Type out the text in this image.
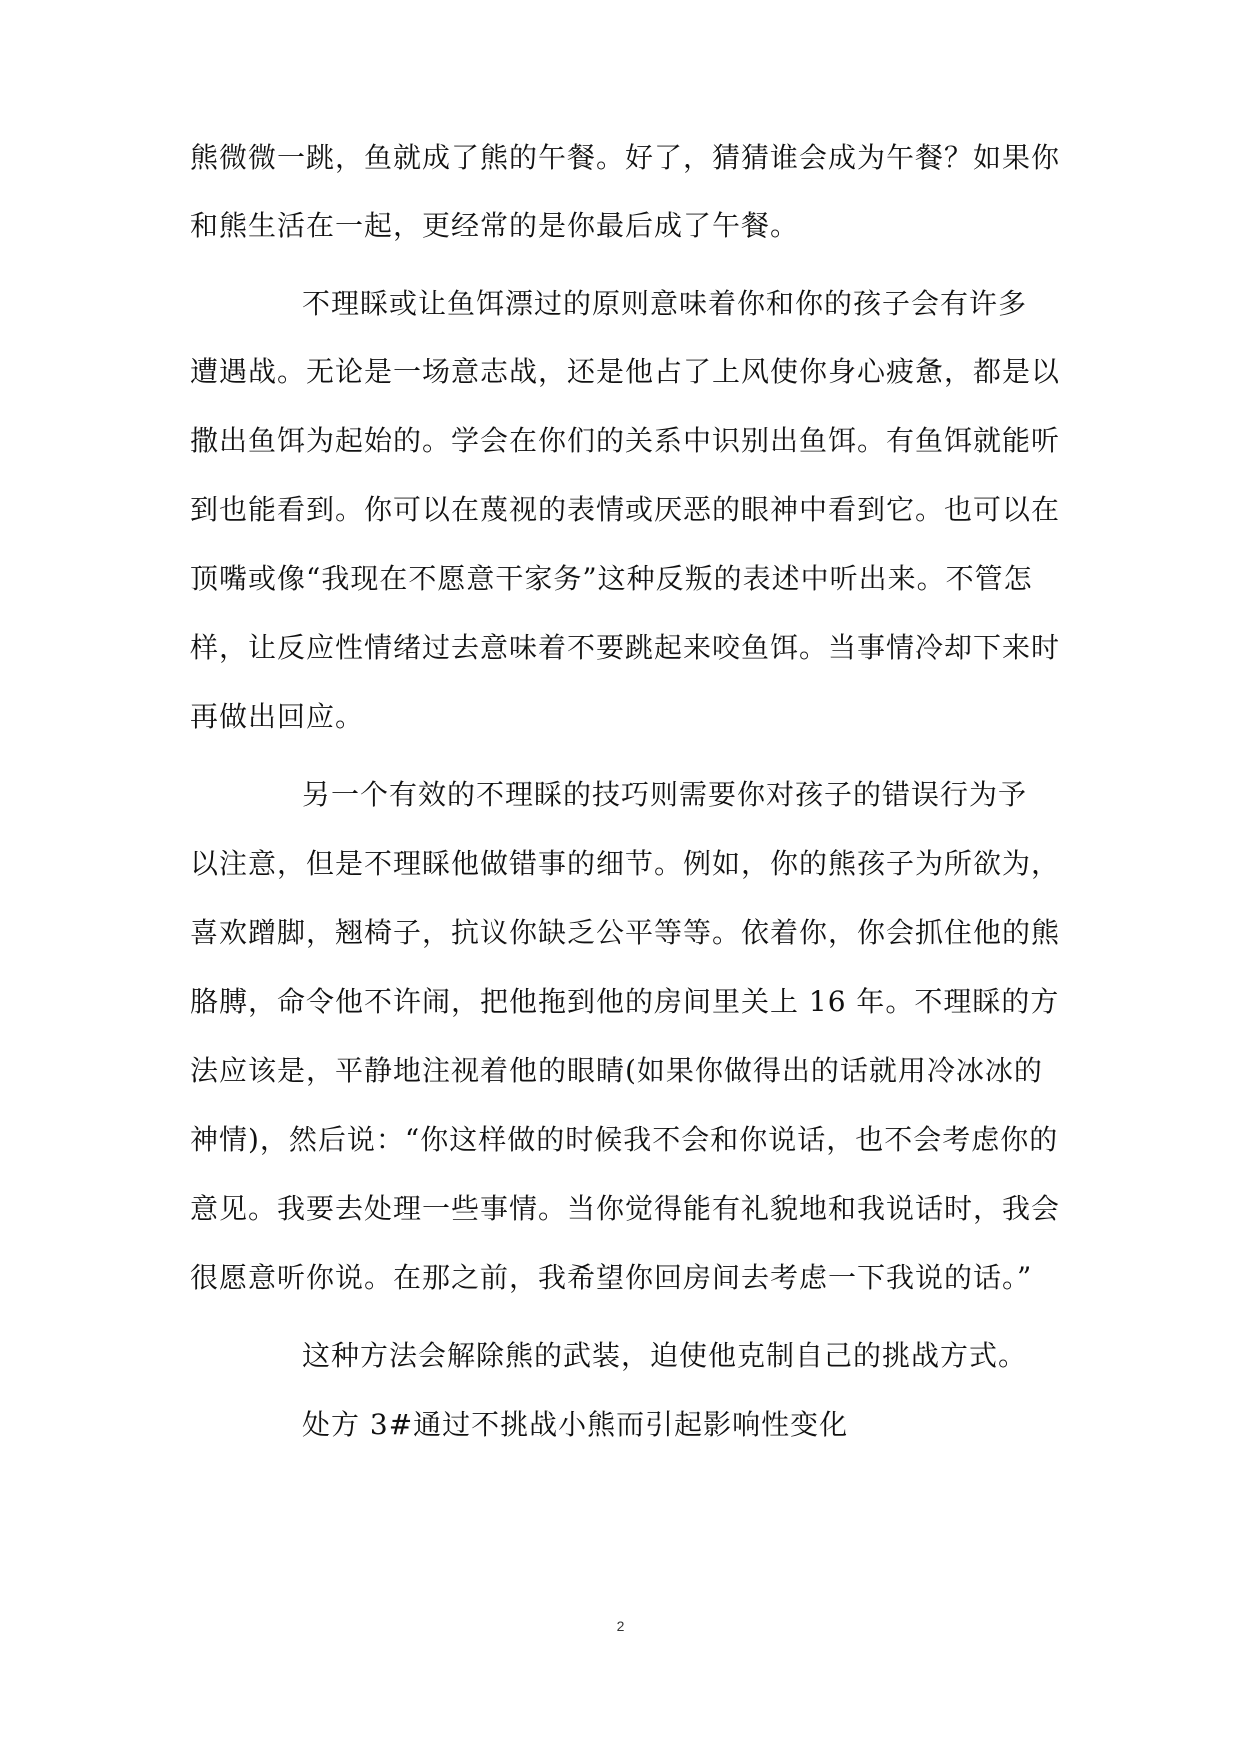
熊微微一跳，鱼就成了熊的午餐。好了，猜猜谁会成为午餐？如果你
和熊生活在一起，更经常的是你最后成了午餐。
不理睬或让鱼饵漂过的原则意味着你和你的孩子会有许多
遭遇战。无论是一场意志战，还是他占了上风使你身心疲惫，都是以
撒出鱼饵为起始的。学会在你们的关系中识别出鱼饵。有鱼饵就能听
到也能看到。你可以在蔑视的表情或厌恶的眼神中看到它。也可以在
顶嘴或像“我现在不愿意干家务”这种反叛的表述中听出来。不管怎
样，让反应性情绪过去意味着不要跳起来咬鱼饵。当事情冷却下来时
再做出回应。
另一个有效的不理睬的技巧则需要你对孩子的错误行为予
以注意，但是不理睬他做错事的细节。例如，你的熊孩子为所欲为，
喜欢蹭脚，翘椅子，抗议你缺乏公平等等。依着你，你会抓住他的熊
胳膊，命令他不许闹，把他拖到他的房间里关上 16 年。不理睬的方
法应该是，平静地注视着他的眼睛(如果你做得出的话就用冷冰冰的
神情)，然后说：“你这样做的时候我不会和你说话，也不会考虑你的
意见。我要去处理一些事情。当你觉得能有礼貌地和我说话时，我会
很愿意听你说。在那之前，我希望你回房间去考虑一下我说的话。”
这种方法会解除熊的武装，迫使他克制自己的挑战方式。
处方 3#通过不挑战小熊而引起影响性变化
2
